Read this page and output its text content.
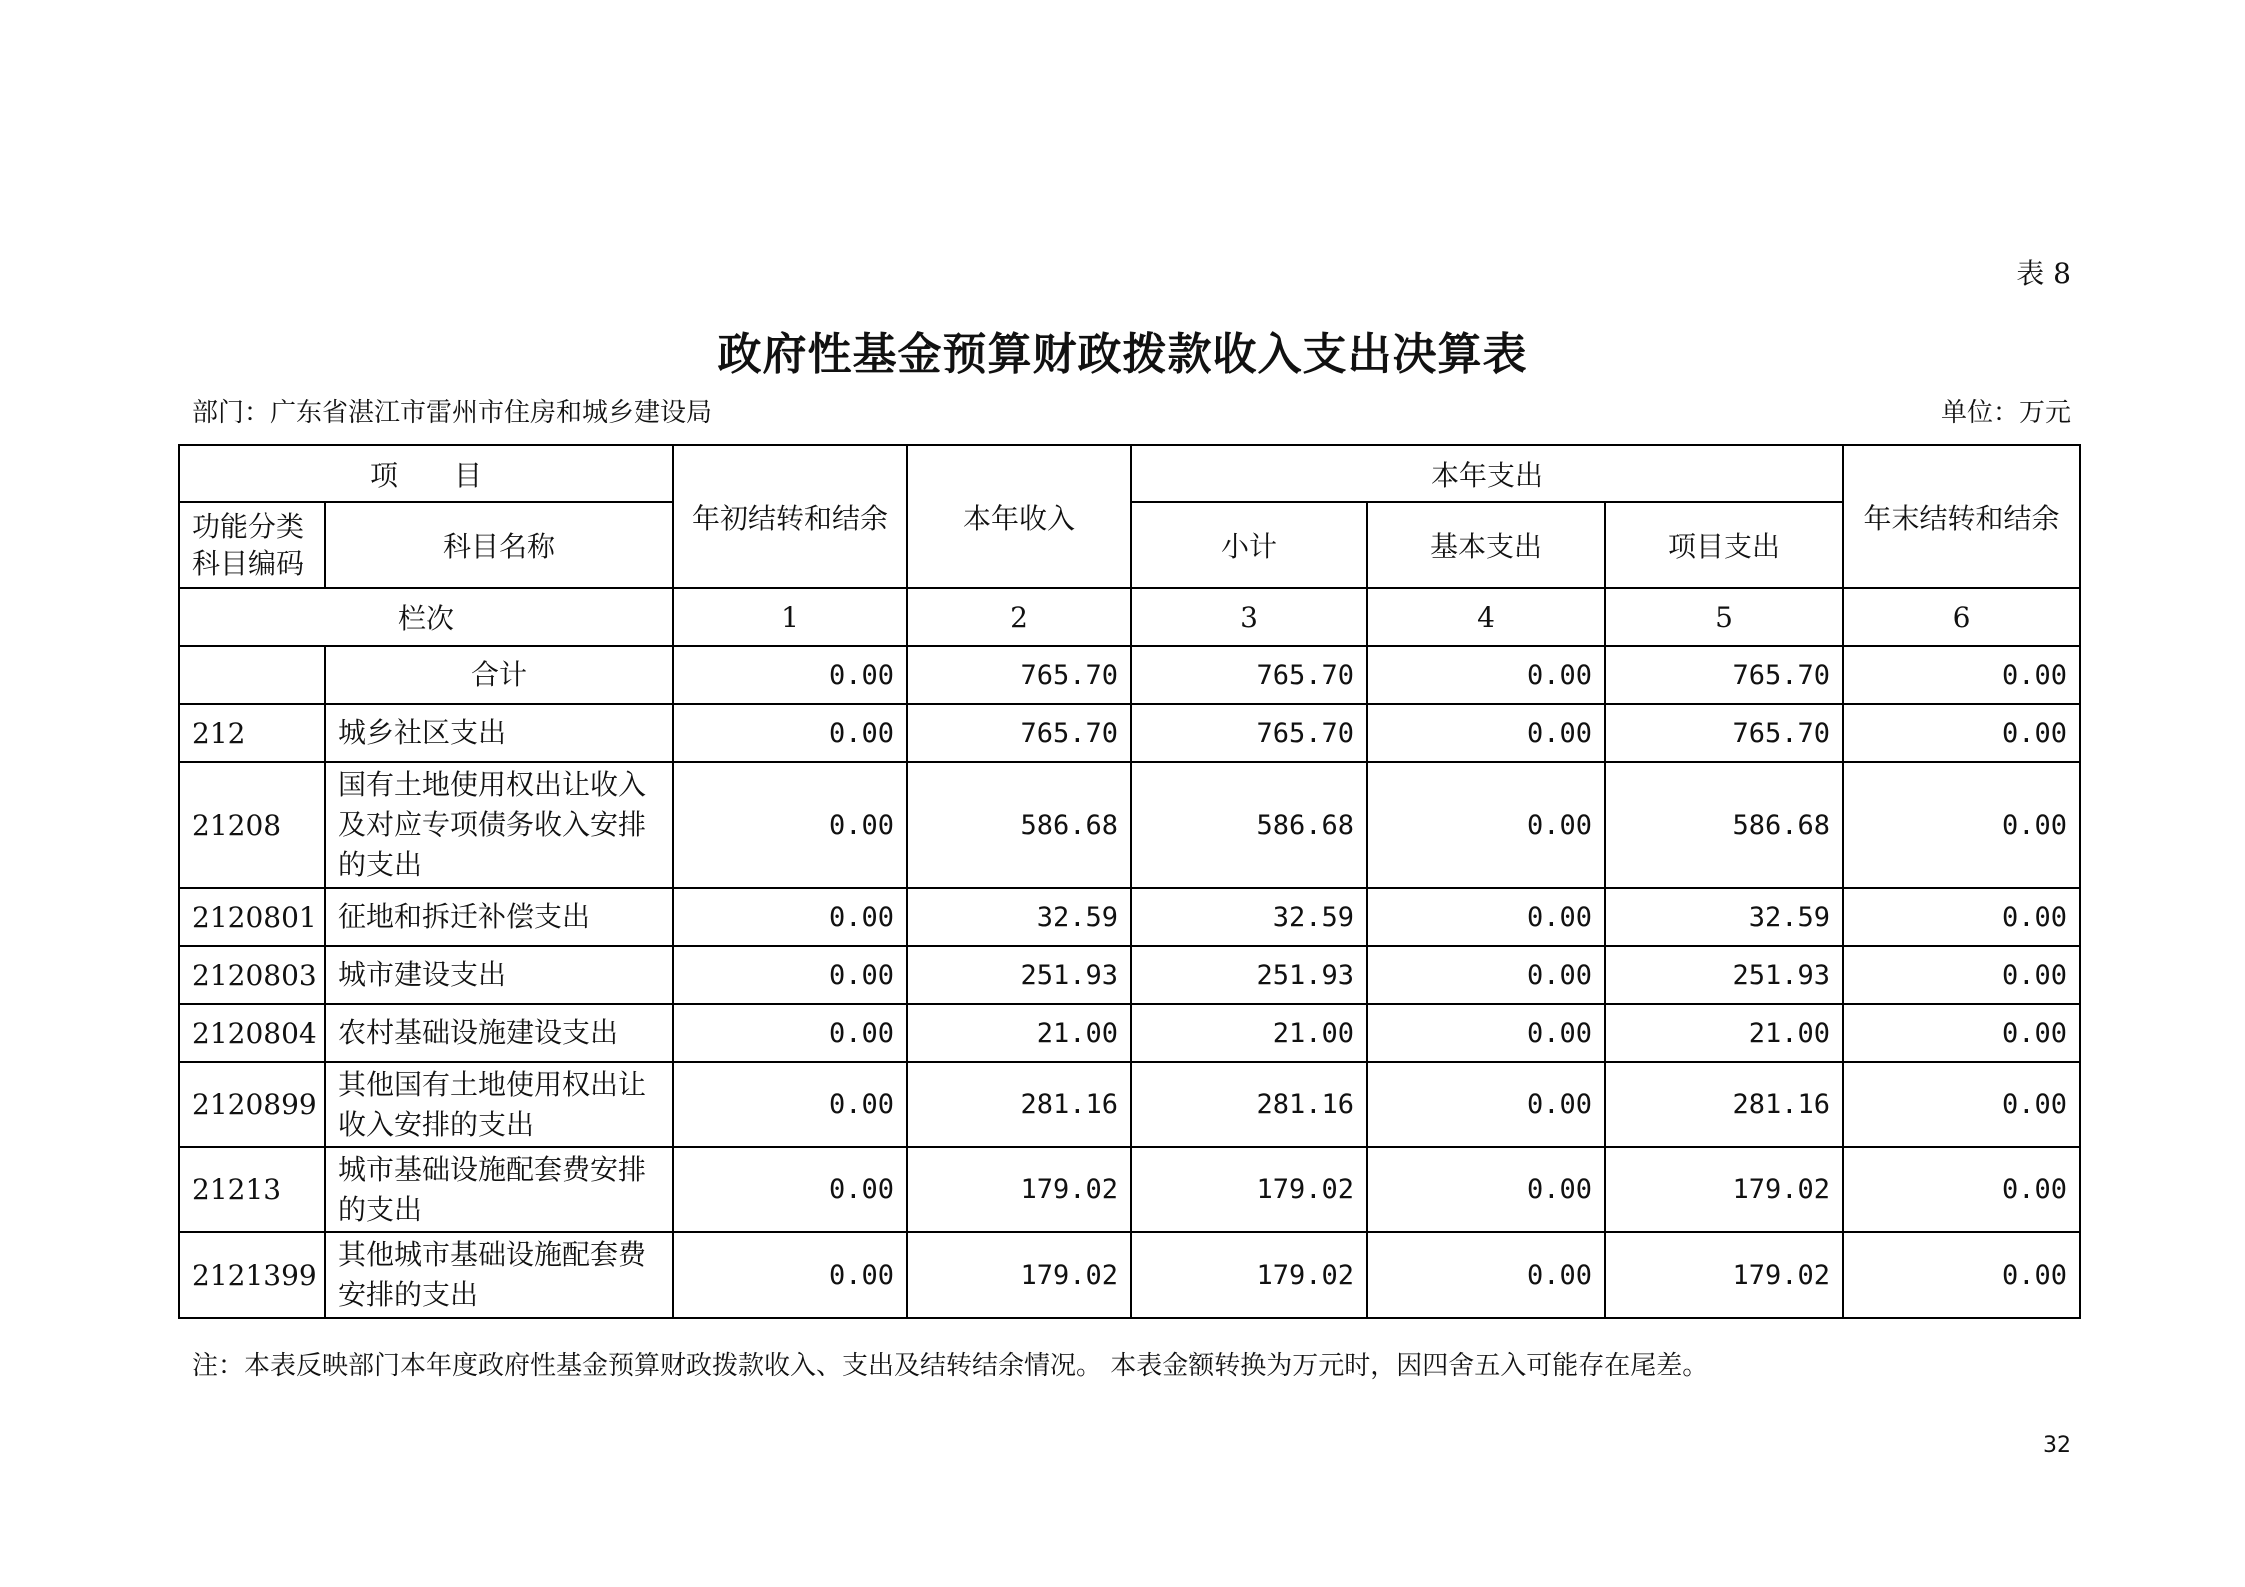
表 8
政府性基金预算财政拨款收入支出决算表
部门：广东省湛江市雷州市住房和城乡建设局	单位：万元
项　　目		年初结转和结余	本年收入	本年支出			年末结转和结余
功能分类
科目编码	科目名称			小计	基本支出	项目支出	
栏次		1	2	3	4	5	6
	合计	0.00	765.70	765.70	0.00	765.70	0.00
212	城乡社区支出	0.00	765.70	765.70	0.00	765.70	0.00
21208	国有土地使用权出让收入及对应专项债务收入安排的支出	0.00	586.68	586.68	0.00	586.68	0.00
2120801	征地和拆迁补偿支出	0.00	32.59	32.59	0.00	32.59	0.00
2120803	城市建设支出	0.00	251.93	251.93	0.00	251.93	0.00
2120804	农村基础设施建设支出	0.00	21.00	21.00	0.00	21.00	0.00
2120899	其他国有土地使用权出让收入安排的支出	0.00	281.16	281.16	0.00	281.16	0.00
21213	城市基础设施配套费安排的支出	0.00	179.02	179.02	0.00	179.02	0.00
2121399	其他城市基础设施配套费安排的支出	0.00	179.02	179.02	0.00	179.02	0.00
注：本表反映部门本年度政府性基金预算财政拨款收入、支出及结转结余情况。 本表金额转换为万元时，因四舍五入可能存在尾差。
32
